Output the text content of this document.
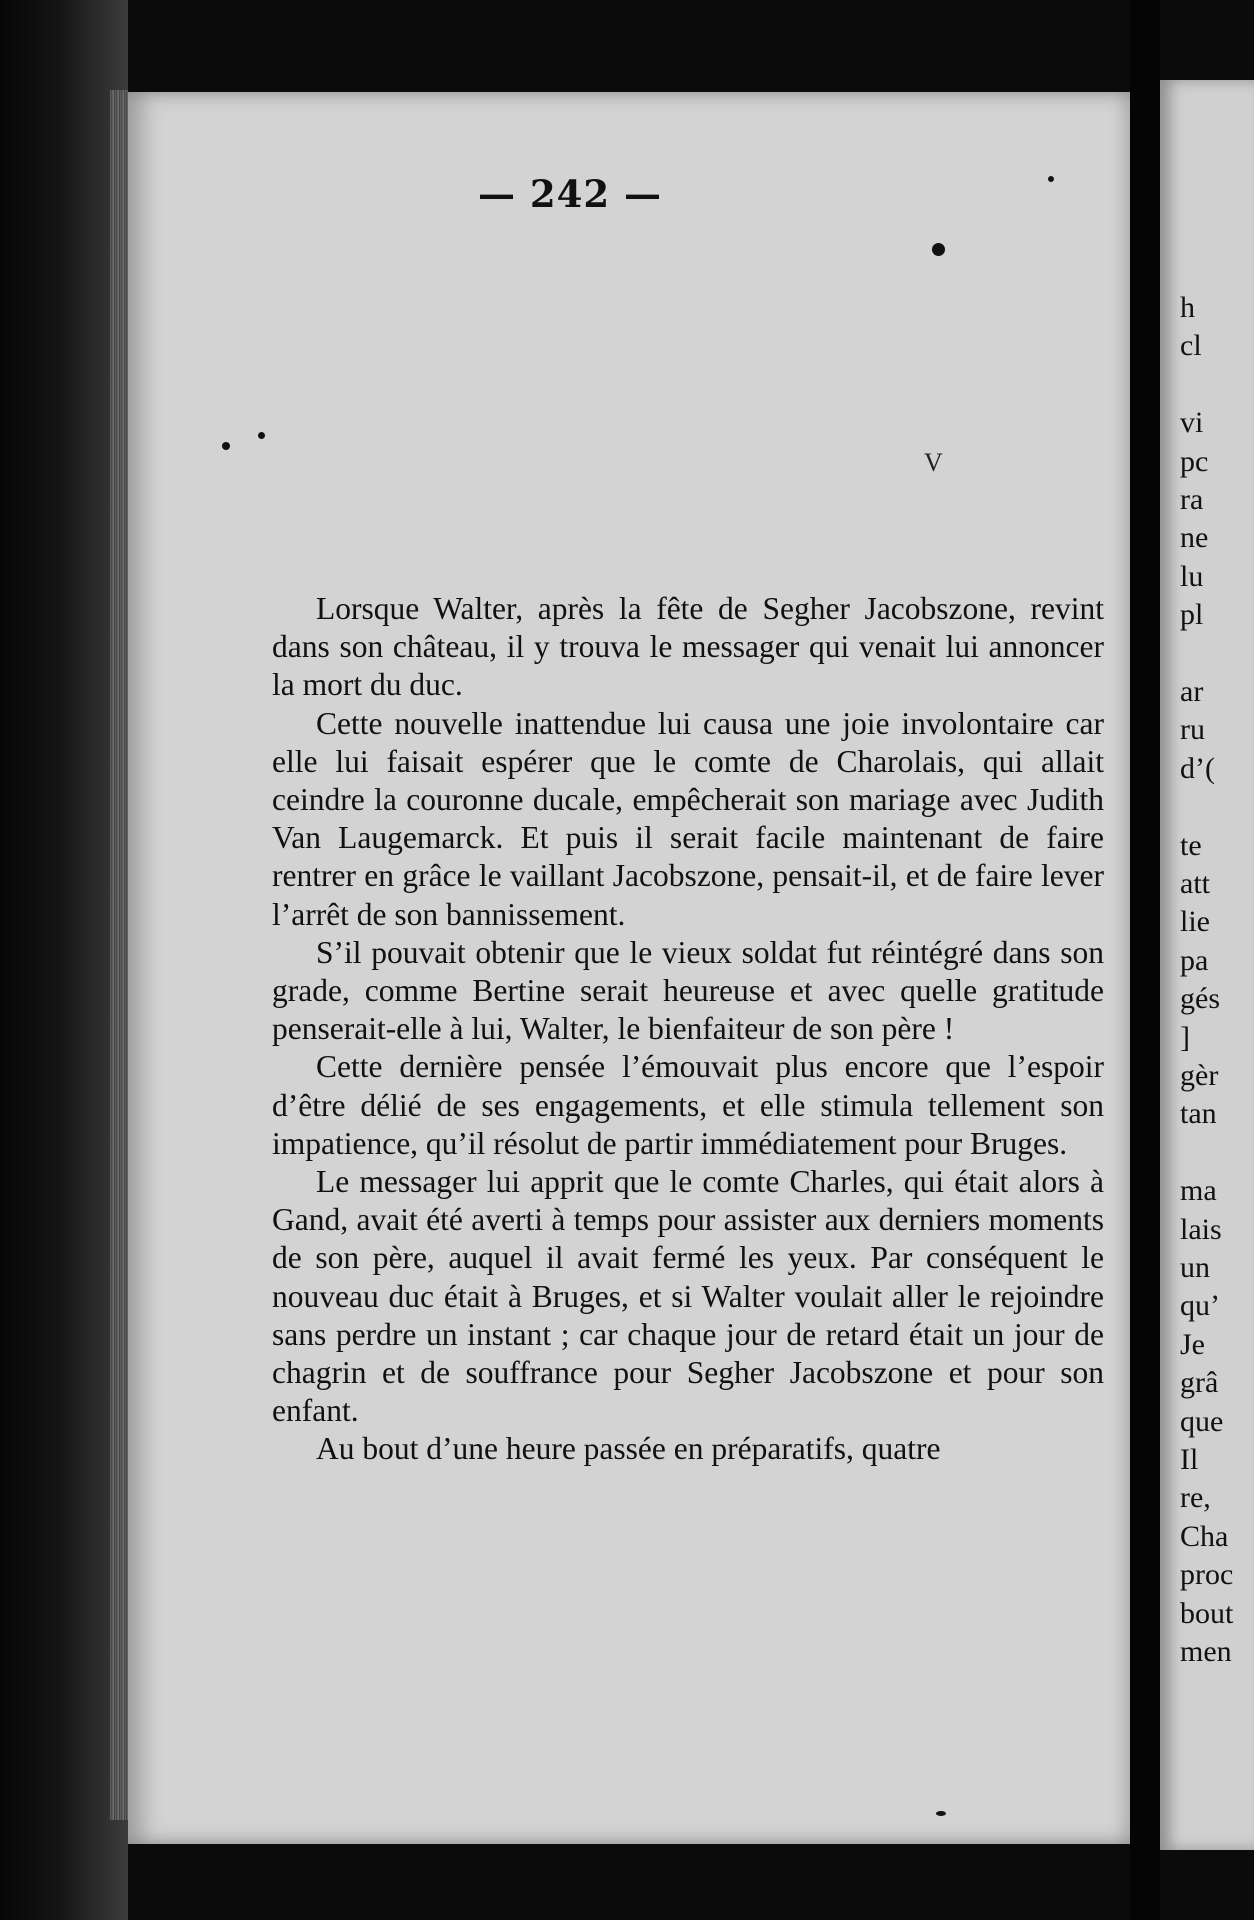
h
cl
vi
pc
ra
ne
lu
pl
ar
ru
d’(
te
att
lie
pa
gés
]
gèr
tan
ma
lais
un
qu’
Je
grâ
que
Il
re,
Cha
proc
bout
men
— 242 —
V

Lorsque Walter, après la fête de Segher Jacobszone, revint dans son château, il y trouva le messager qui venait lui annoncer la mort du duc.

Cette nouvelle inattendue lui causa une joie involontaire car elle lui faisait espérer que le comte de Charolais, qui allait ceindre la couronne ducale, empêcherait son mariage avec Judith Van Laugemarck. Et puis il serait facile maintenant de faire rentrer en grâce le vaillant Jacobszone, pensait-il, et de faire lever l’arrêt de son bannissement.

S’il pouvait obtenir que le vieux soldat fut réintégré dans son grade, comme Bertine serait heureuse et avec quelle gratitude penserait-elle à lui, Walter, le bienfaiteur de son père !

Cette dernière pensée l’émouvait plus encore que l’espoir d’être délié de ses engagements, et elle stimula tellement son impatience, qu’il résolut de partir immédiatement pour Bruges.

Le messager lui apprit que le comte Charles, qui était alors à Gand, avait été averti à temps pour assister aux derniers moments de son père, auquel il avait fermé les yeux. Par conséquent le nouveau duc était à Bruges, et si Walter voulait aller le rejoindre sans perdre un instant ; car chaque jour de retard était un jour de chagrin et de souffrance pour Segher Jacobszone et pour son enfant.

Au bout d’une heure passée en préparatifs, quatre
